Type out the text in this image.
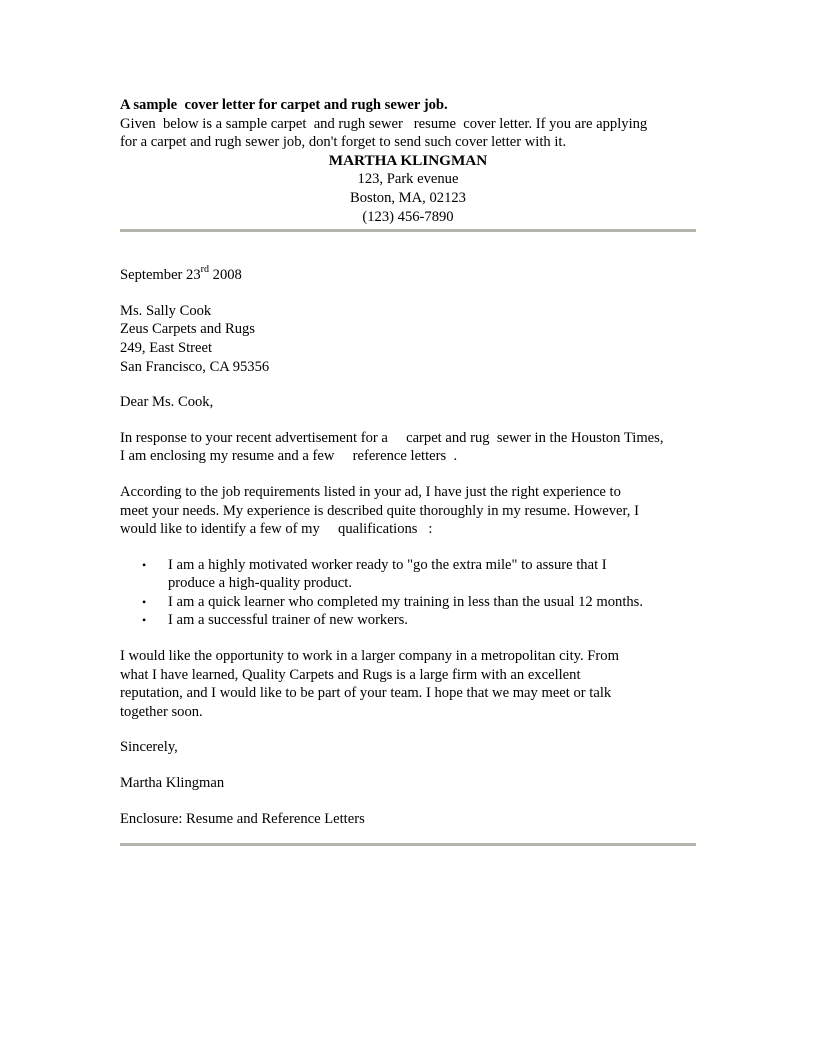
A sample  cover letter for carpet and rugh sewer job.
Given  below is a sample carpet  and rugh sewer   resume  cover letter. If you are applying
for a carpet and rugh sewer job, don't forget to send such cover letter with it.
MARTHA KLINGMAN
123, Park evenue
Boston, MA, 02123
(123) 456-7890
September 23rd 2008
Ms. Sally Cook
Zeus Carpets and Rugs
249, East Street
San Francisco, CA 95356
Dear Ms. Cook,
In response to your recent advertisement for a     carpet and rug  sewer in the Houston Times,
I am enclosing my resume and a few     reference letters  .
According to the job requirements listed in your ad, I have just the right experience to
meet your needs. My experience is described quite thoroughly in my resume. However, I
would like to identify a few of my     qualifications   :
• I am a highly motivated worker ready to "go the extra mile" to assure that I
produce a high-quality product.
• I am a quick learner who completed my training in less than the usual 12 months.
• I am a successful trainer of new workers.
I would like the opportunity to work in a larger company in a metropolitan city. From
what I have learned, Quality Carpets and Rugs is a large firm with an excellent
reputation, and I would like to be part of your team. I hope that we may meet or talk
together soon.
Sincerely,
Martha Klingman
Enclosure: Resume and Reference Letters
